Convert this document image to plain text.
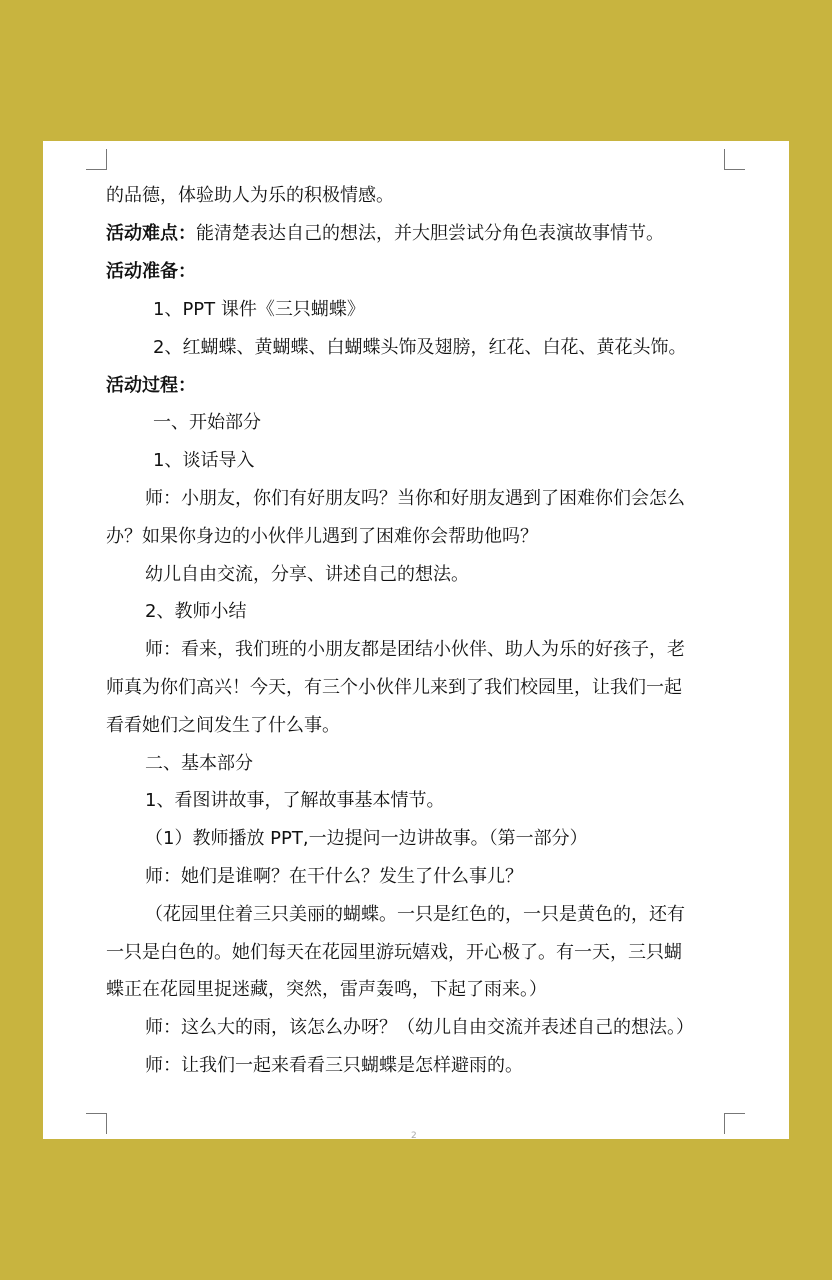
的品德，体验助人为乐的积极情感。
活动难点：能清楚表达自己的想法，并大胆尝试分角色表演故事情节。
活动准备：
1、PPT 课件《三只蝴蝶》
2、红蝴蝶、黄蝴蝶、白蝴蝶头饰及翅膀，红花、白花、黄花头饰。
活动过程：
一、开始部分
1、谈话导入
师：小朋友，你们有好朋友吗？当你和好朋友遇到了困难你们会怎么
办？如果你身边的小伙伴儿遇到了困难你会帮助他吗？
幼儿自由交流，分享、讲述自己的想法。
2、教师小结
师：看来，我们班的小朋友都是团结小伙伴、助人为乐的好孩子，老
师真为你们高兴！今天，有三个小伙伴儿来到了我们校园里，让我们一起
看看她们之间发生了什么事。
二、基本部分
1、看图讲故事，了解故事基本情节。
（1）教师播放 PPT,一边提问一边讲故事。（第一部分）
师：她们是谁啊？在干什么？发生了什么事儿？
（花园里住着三只美丽的蝴蝶。一只是红色的，一只是黄色的，还有
一只是白色的。她们每天在花园里游玩嬉戏，开心极了。有一天，三只蝴
蝶正在花园里捉迷藏，突然，雷声轰鸣，下起了雨来。）
师：这么大的雨，该怎么办呀？（幼儿自由交流并表述自己的想法。）
师：让我们一起来看看三只蝴蝶是怎样避雨的。
2
